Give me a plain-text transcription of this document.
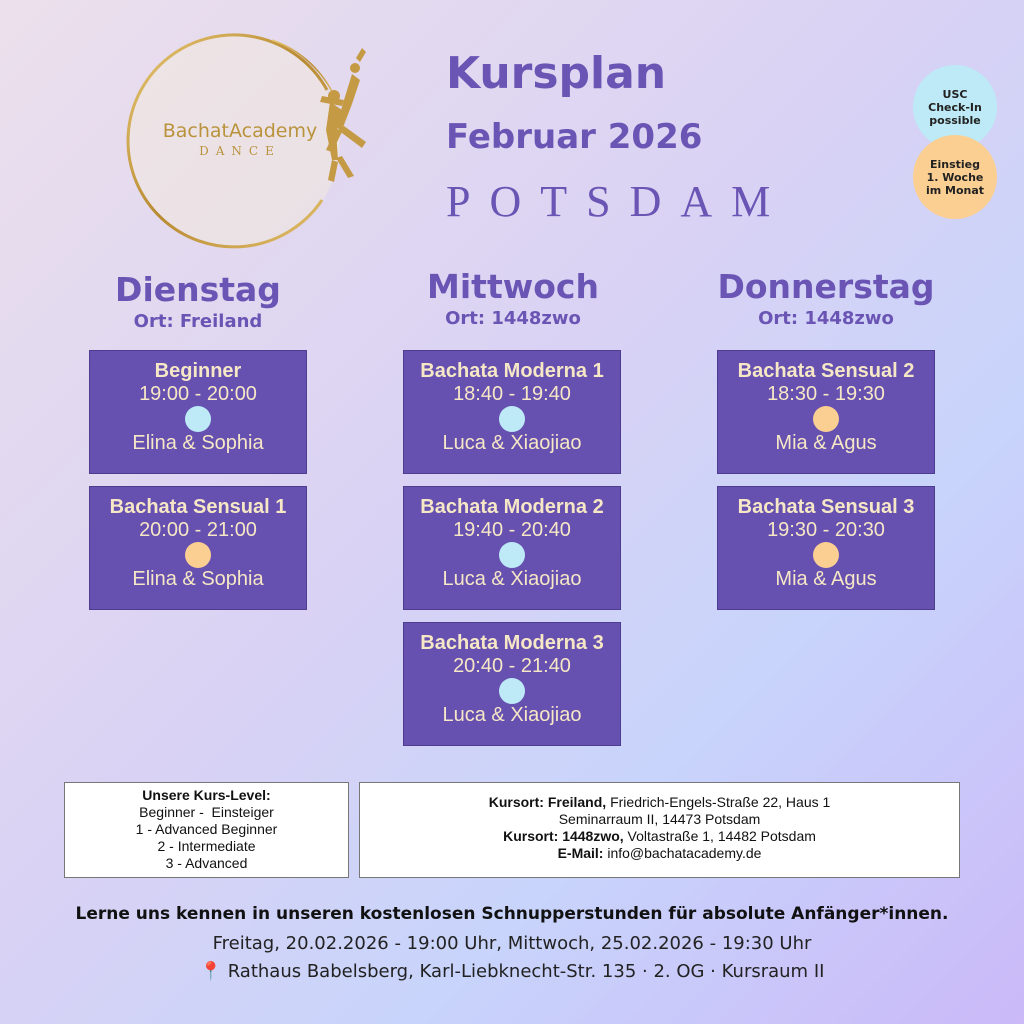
BachatAcademy
DANCE
Kursplan
Februar 2026
POTSDAM
USC
Check-In
possible
Einstieg
1. Woche
im Monat
Dienstag
Ort: Freiland
Mittwoch
Ort: 1448zwo
Donnerstag
Ort: 1448zwo
Beginner
19:00 - 20:00
Elina & Sophia
Bachata Sensual 1
20:00 - 21:00
Elina & Sophia
Bachata Moderna 1
18:40 - 19:40
Luca & Xiaojiao
Bachata Moderna 2
19:40 - 20:40
Luca & Xiaojiao
Bachata Moderna 3
20:40 - 21:40
Luca & Xiaojiao
Bachata Sensual 2
18:30 - 19:30
Mia & Agus
Bachata Sensual 3
19:30 - 20:30
Mia & Agus
Unsere Kurs-Level:
Beginner -  Einsteiger
1 - Advanced Beginner
2 - Intermediate
3 - Advanced
Kursort: Freiland, Friedrich-Engels-Straße 22, Haus 1
Seminarraum II, 14473 Potsdam
Kursort: 1448zwo, Voltastraße 1, 14482 Potsdam
E-Mail: info@bachatacademy.de
Lerne uns kennen in unseren kostenlosen Schnupperstunden für absolute Anfänger*innen.
Freitag, 20.02.2026 - 19:00 Uhr, Mittwoch, 25.02.2026 - 19:30 Uhr
📍 Rathaus Babelsberg, Karl-Liebknecht-Str. 135 · 2. OG · Kursraum II
